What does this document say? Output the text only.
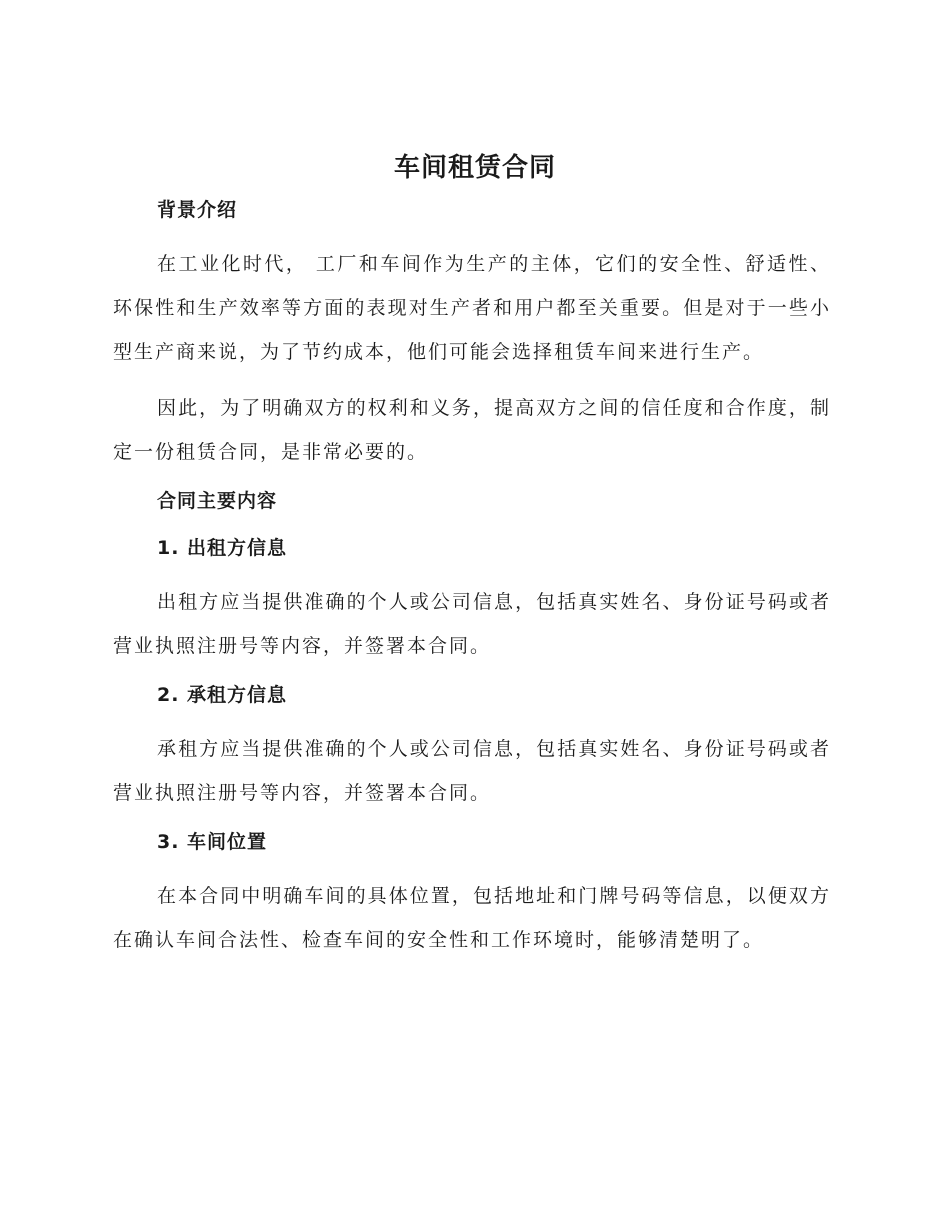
车间租赁合同
背景介绍

在工业化时代， 工厂和车间作为生产的主体，它们的安全性、舒适性、环保性和生产效率等方面的表现对生产者和用户都至关重要。但是对于一些小型生产商来说，为了节约成本，他们可能会选择租赁车间来进行生产。

因此，为了明确双方的权利和义务，提高双方之间的信任度和合作度，制定一份租赁合同，是非常必要的。

合同主要内容
1. 出租方信息

出租方应当提供准确的个人或公司信息，包括真实姓名、身份证号码或者营业执照注册号等内容，并签署本合同。

2. 承租方信息

承租方应当提供准确的个人或公司信息，包括真实姓名、身份证号码或者营业执照注册号等内容，并签署本合同。

3. 车间位置

在本合同中明确车间的具体位置，包括地址和门牌号码等信息，以便双方在确认车间合法性、检查车间的安全性和工作环境时，能够清楚明了。
